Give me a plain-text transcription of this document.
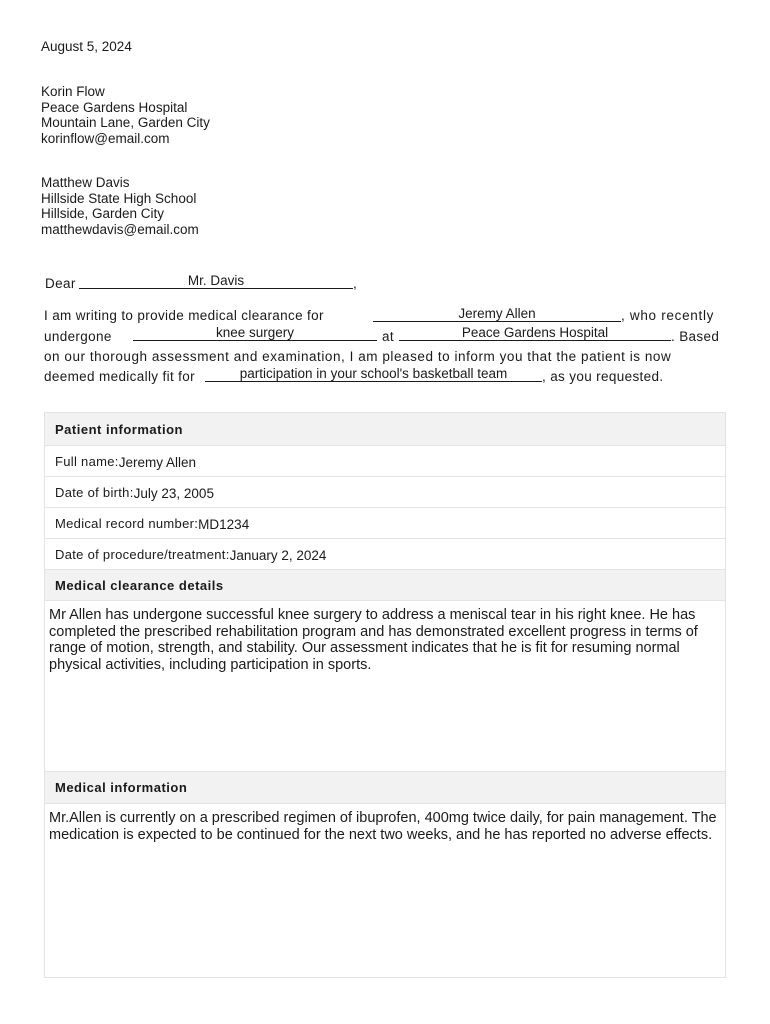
August 5, 2024
Korin Flow
Peace Gardens Hospital
Mountain Lane, Garden City
korinflow@email.com
Matthew Davis
Hillside State High School
Hillside, Garden City
matthewdavis@email.com
Dear	Mr. Davis	,
I am writing to provide medical clearance for	Jeremy Allen	, who recently
undergone	knee surgery	at	Peace Gardens Hospital	. Based
on our thorough assessment and examination, I am pleased to inform you that the patient is now
deemed medically fit for	participation in your school's basketball team	, as you requested.
Patient information
Full name:Jeremy Allen
Date of birth:July 23, 2005
Medical record number:MD1234
Date of procedure/treatment:January 2, 2024
Medical clearance details
Mr Allen has undergone successful knee surgery to address a meniscal tear in his right knee. He has completed the prescribed rehabilitation program and has demonstrated excellent progress in terms of range of motion, strength, and stability. Our assessment indicates that he is fit for resuming normal physical activities, including participation in sports.
Medical information
Mr.Allen is currently on a prescribed regimen of ibuprofen, 400mg twice daily, for pain management. The medication is expected to be continued for the next two weeks, and he has reported no adverse effects.
